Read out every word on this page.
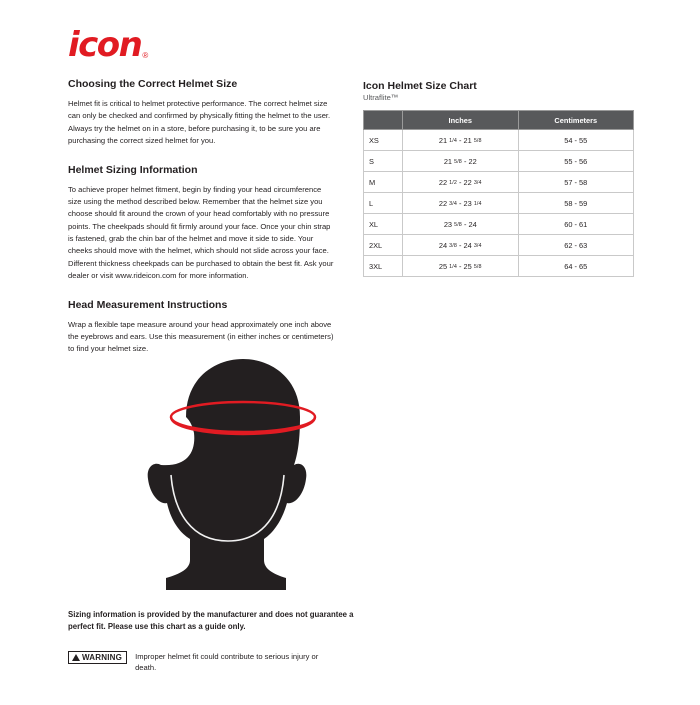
icon ®
Choosing the Correct Helmet Size

Helmet fit is critical to helmet protective performance. The correct helmet size can only be checked and confirmed by physically fitting the helmet to the user. Always try the helmet on in a store, before purchasing it, to be sure you are purchasing the correct sized helmet for you.

Helmet Sizing Information

To achieve proper helmet fitment, begin by finding your head circumference size using the method described below. Remember that the helmet size you choose should fit around the crown of your head comfortably with no pressure points. The cheekpads should fit firmly around your face. Once your chin strap is fastened, grab the chin bar of the helmet and move it side to side. Your cheeks should move with the helmet, which should not slide across your face. Different thickness cheekpads can be purchased to obtain the best fit. Ask your dealer or visit www.rideicon.com for more information.

Head Measurement Instructions

Wrap a flexible tape measure around your head approximately one inch above the eyebrows and ears. Use this measurement (in either inches or centimeters) to find your helmet size.

Icon Helmet Size Chart
Ultraflite™
	Inches	Centimeters
XS	21 $^{1/4}$ - 21 $^{5/8}$	54 - 55
S	21 $^{5/8}$ - 22	55 - 56
M	22 $^{1/2}$ - 22 $^{3/4}$	57 - 58
L	22 $^{3/4}$ - 23 $^{1/4}$	58 - 59
XL	23 $^{5/8}$ - 24	60 - 61
2XL	24 $^{3/8}$ - 24 $^{3/4}$	62 - 63
3XL	25 $^{1/4}$ - 25 $^{5/8}$	64 - 65
Sizing information is provided by the manufacturer and does not guarantee a perfect fit. Please use this chart as a guide only.
WARNING Improper helmet fit could contribute to serious injury or death.
